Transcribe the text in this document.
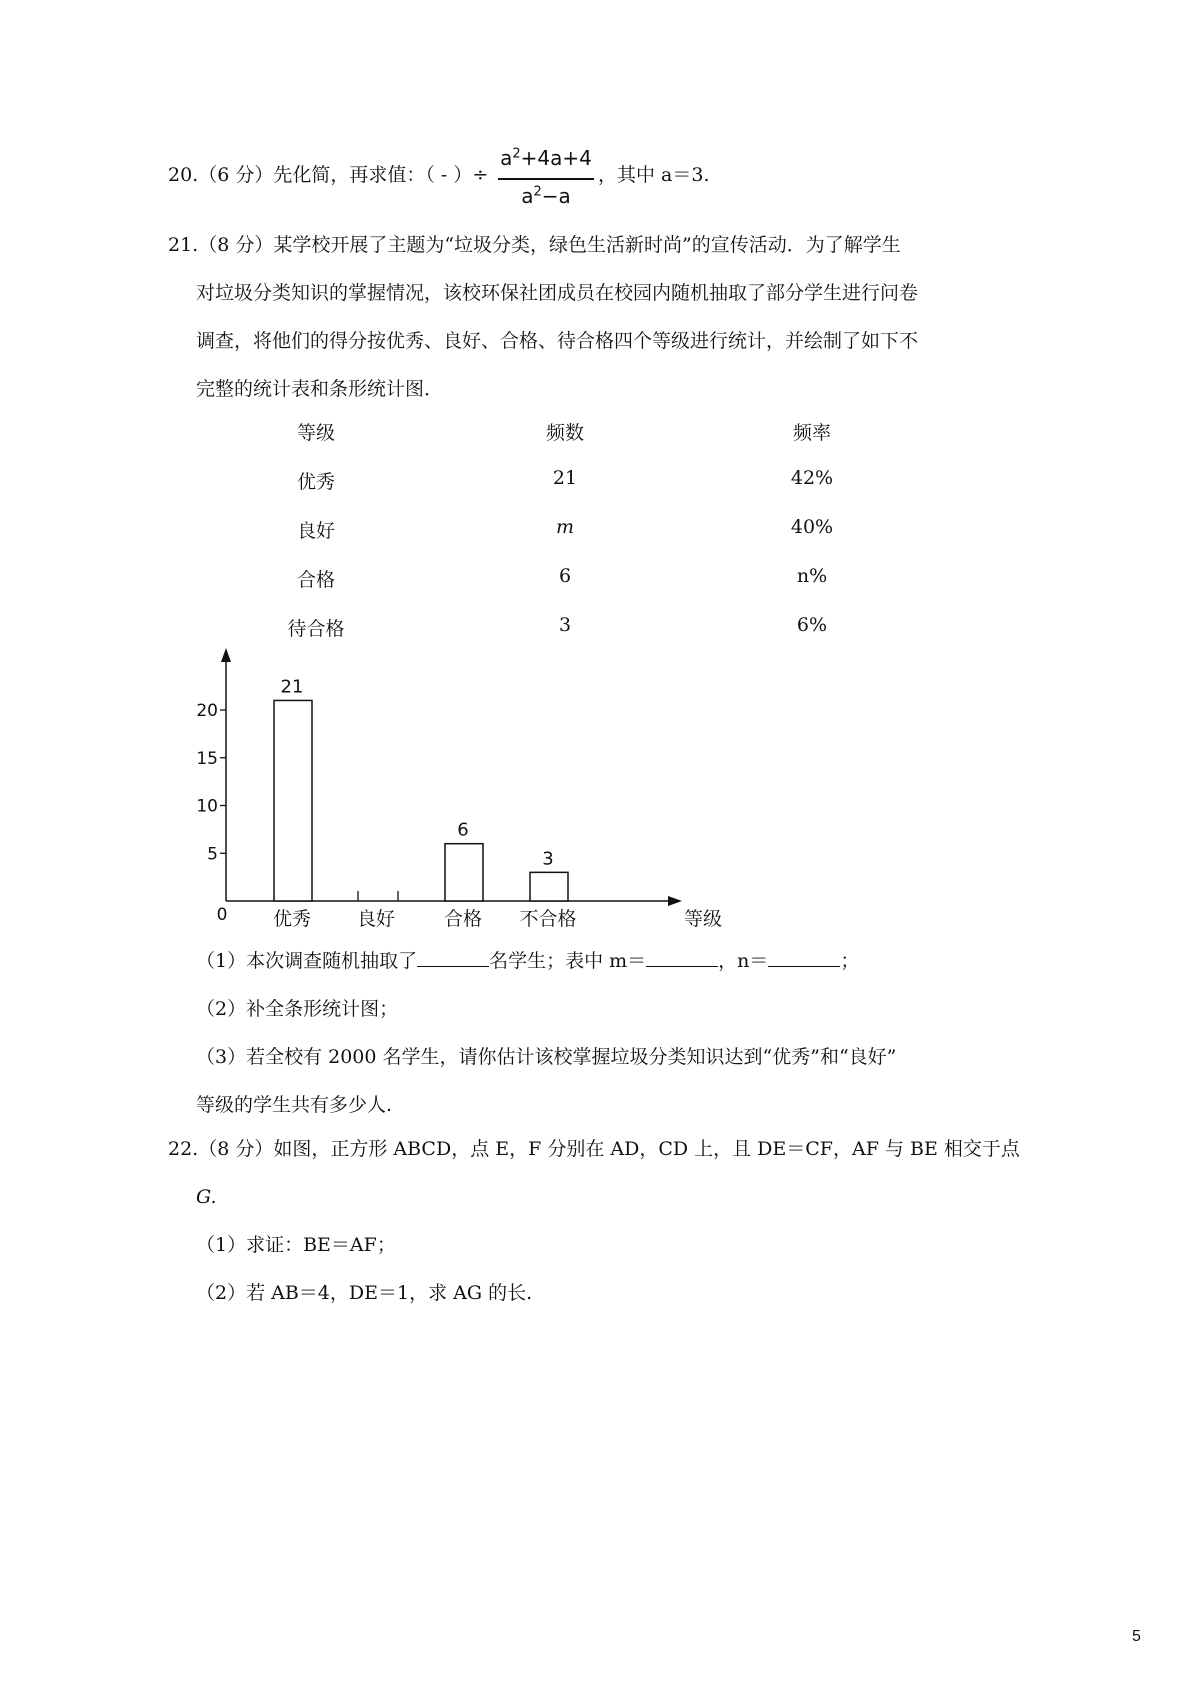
20.（6 分）先化简，再求值：（ - ）÷
$a^2+4a+4$
$a^2-a$
，其中 a＝3.
21.（8 分）某学校开展了主题为“垃圾分类，绿色生活新时尚”的宣传活动．为了解学生
对垃圾分类知识的掌握情况，该校环保社团成员在校园内随机抽取了部分学生进行问卷
调查，将他们的得分按优秀、良好、合格、待合格四个等级进行统计，并绘制了如下不
完整的统计表和条形统计图．
等级	频数	频率
优秀	21	42%
良好	m	40%
合格	6	n%
待合格	3	6%
5
10
15
20
0
21
优秀 良好
6
合格
3
不合格	等级
（1）本次调查随机抽取了	名学生；表中 m＝	，n＝	；
（2）补全条形统计图；
（3）若全校有 2000 名学生，请你估计该校掌握垃圾分类知识达到“优秀”和“良好”
等级的学生共有多少人.
22.（8 分）如图，正方形 ABCD，点 E，F 分别在 AD，CD 上，且 DE＝CF，AF 与 BE 相交于点
G.
（1）求证：BE＝AF；
（2）若 AB＝4，DE＝1，求 AG 的长.
5
